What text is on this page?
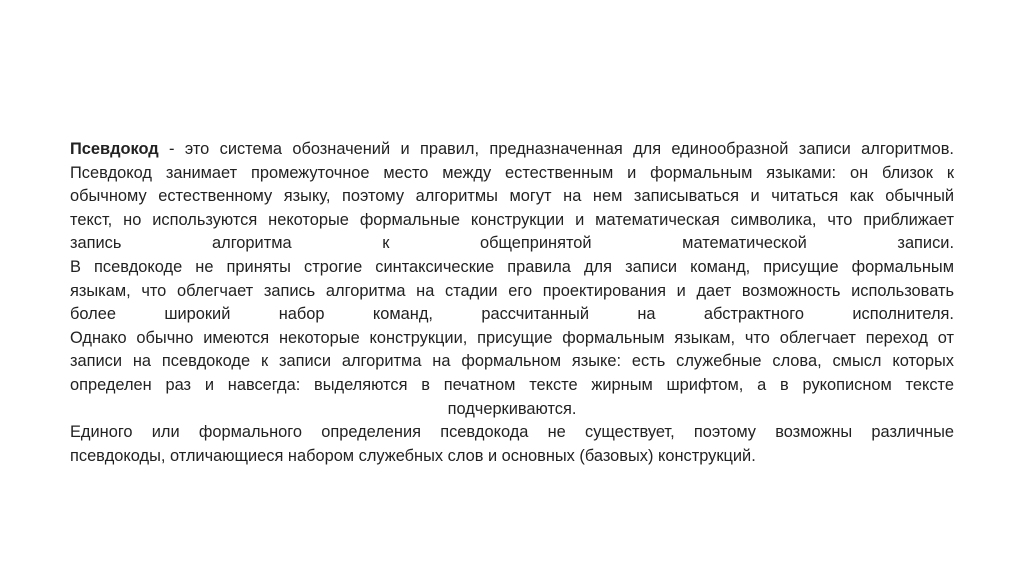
Псевдокод - это система обозначений и правил, предназначенная для единообразной записи алгоритмов.
Псевдокод занимает промежуточное место между естественным и формальным языками: он близок к
обычному естественному языку, поэтому алгоритмы могут на нем записываться и читаться как обычный
текст, но используются некоторые формальные конструкции и математическая символика, что приближает
запись алгоритма к общепринятой математической записи.
В псевдокоде не приняты строгие синтаксические правила для записи команд, присущие формальным
языкам, что облегчает запись алгоритма на стадии его проектирования и дает возможность использовать
более широкий набор команд, рассчитанный на абстрактного исполнителя.
Однако обычно имеются некоторые конструкции, присущие формальным языкам, что облегчает переход от
записи на псевдокоде к записи алгоритма на формальном языке: есть служебные слова, смысл которых
определен раз и навсегда: выделяются в печатном тексте жирным шрифтом, а в рукописном тексте
подчеркиваются.
Единого или формального определения псевдокода не существует, поэтому возможны различные
псевдокоды, отличающиеся набором служебных слов и основных (базовых) конструкций.
